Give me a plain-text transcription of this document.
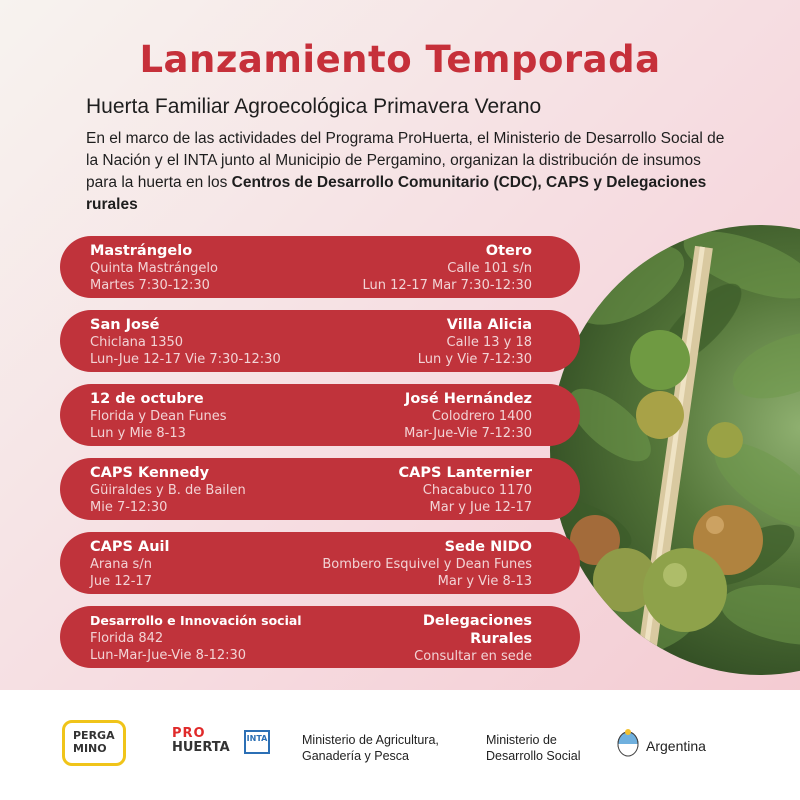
Lanzamiento Temporada

Huerta Familiar Agroecológica Primavera Verano

En el marco de las actividades del Programa ProHuerta, el Ministerio de Desarrollo Social de la Nación y el INTA junto al Municipio de Pergamino, organizan la distribución de insumos para la huerta en los Centros de Desarrollo Comunitario (CDC), CAPS y Delegaciones rurales

Mastrángelo
Quinta Mastrángelo
Martes 7:30-12:30
Otero
Calle 101 s/n
Lun 12-17 Mar 7:30-12:30
San José
Chiclana 1350
Lun-Jue 12-17 Vie 7:30-12:30
Villa Alicia
Calle 13 y 18
Lun y Vie 7-12:30
12 de octubre
Florida y Dean Funes
Lun y Mie 8-13
José Hernández
Colodrero 1400
Mar-Jue-Vie 7-12:30
CAPS Kennedy
Güiraldes y B. de Bailen
Mie 7-12:30
CAPS Lanternier
Chacabuco 1170
Mar y Jue 12-17
CAPS Auil
Arana s/n
Jue 12-17
Sede NIDO
Bombero Esquivel y Dean Funes
Mar y Vie 8-13
Desarrollo e Innovación social
Florida 842
Lun-Mar-Jue-Vie 8-12:30
Delegaciones
Rurales
Consultar en sede
PERGA
MINO
PRO
HUERTA
INTA	Ministerio de Agricultura,
Ganadería y Pesca
Ministerio de
Desarrollo Social
Argentina
